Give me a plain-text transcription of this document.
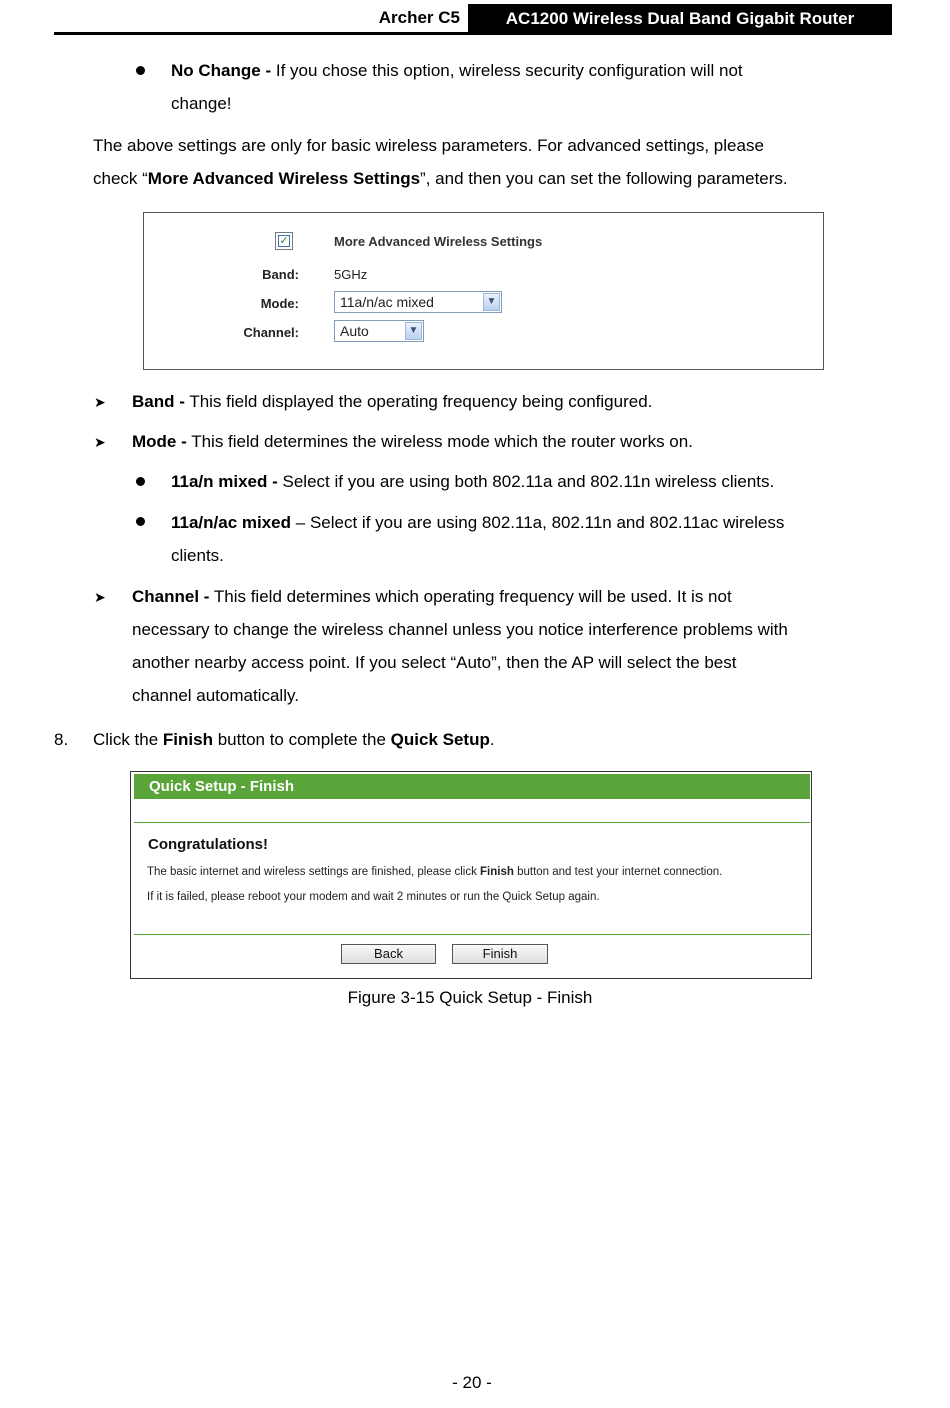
Archer C5	AC1200 Wireless Dual Band Gigabit Router
No Change - If you chose this option, wireless security configuration will not
change!
The above settings are only for basic wireless parameters. For advanced settings, please
check “More Advanced Wireless Settings”, and then you can set the following parameters.
✓	More Advanced Wireless Settings
Band:	5GHz
Mode:	11a/n/ac mixed	▼
Channel:	Auto	▼
➤ Band - This field displayed the operating frequency being configured.
➤ Mode - This field determines the wireless mode which the router works on.
11a/n mixed - Select if you are using both 802.11a and 802.11n wireless clients.
11a/n/ac mixed – Select if you are using 802.11a, 802.11n and 802.11ac wireless
clients.
➤ Channel - This field determines which operating frequency will be used. It is not
necessary to change the wireless channel unless you notice interference problems with
another nearby access point. If you select “Auto”, then the AP will select the best
channel automatically.
8. Click the Finish button to complete the Quick Setup.
Quick Setup - Finish
Congratulations!
The basic internet and wireless settings are finished, please click Finish button and test your internet connection.
If it is failed, please reboot your modem and wait 2 minutes or run the Quick Setup again.
Back	Finish
Figure 3-15 Quick Setup - Finish
- 20 -
